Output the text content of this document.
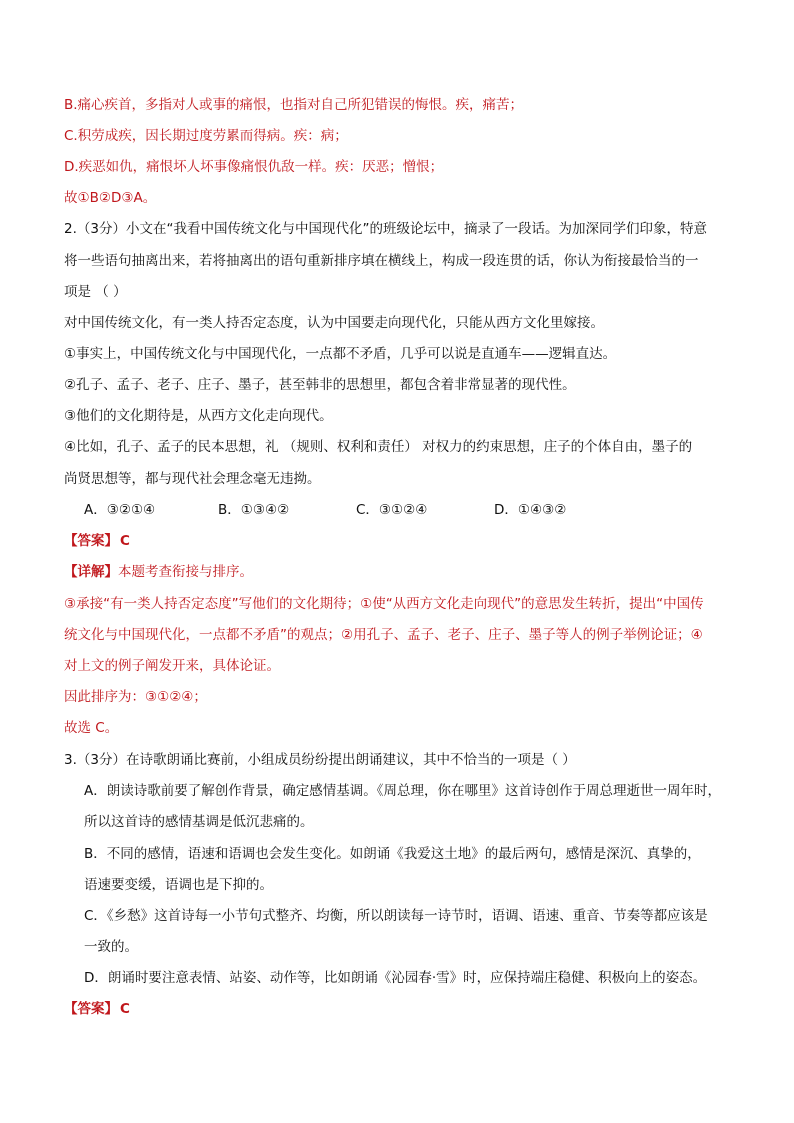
B.痛心疾首，多指对人或事的痛恨，也指对自己所犯错误的悔恨。疾，痛苦；
C.积劳成疾，因长期过度劳累而得病。疾：病；
D.疾恶如仇，痛恨坏人坏事像痛恨仇敌一样。疾：厌恶；憎恨；
故①B②D③A。
2.（3分）小文在“我看中国传统文化与中国现代化”的班级论坛中，摘录了一段话。为加深同学们印象，特意
将一些语句抽离出来，若将抽离出的语句重新排序填在横线上，构成一段连贯的话，你认为衔接最恰当的一
项是 （ ）
对中国传统文化，有一类人持否定态度，认为中国要走向现代化，只能从西方文化里嫁接。
①事实上，中国传统文化与中国现代化，一点都不矛盾，几乎可以说是直通车——逻辑直达。
②孔子、孟子、老子、庄子、墨子，甚至韩非的思想里，都包含着非常显著的现代性。
③他们的文化期待是，从西方文化走向现代。
④比如，孔子、孟子的民本思想，礼 （规则、权利和责任） 对权力的约束思想，庄子的个体自由，墨子的
尚贤思想等，都与现代社会理念毫无违拗。
A．③②①④	B．①③④②	C．③①②④	D．①④③②
【答案】 C
【详解】本题考查衔接与排序。
③承接“有一类人持否定态度”写他们的文化期待；①使“从西方文化走向现代”的意思发生转折，提出“中国传
统文化与中国现代化，一点都不矛盾”的观点；②用孔子、孟子、老子、庄子、墨子等人的例子举例论证；④
对上文的例子阐发开来，具体论证。
因此排序为：③①②④；
故选 C。
3.（3分）在诗歌朗诵比赛前，小组成员纷纷提出朗诵建议，其中不恰当的一项是（ ）
A．朗读诗歌前要了解创作背景，确定感情基调。《周总理，你在哪里》这首诗创作于周总理逝世一周年时，
所以这首诗的感情基调是低沉悲痛的。
B．不同的感情，语速和语调也会发生变化。如朗诵《我爱这土地》的最后两句，感情是深沉、真挚的，
语速要变缓，语调也是下抑的。
C．《乡愁》这首诗每一小节句式整齐、均衡，所以朗读每一诗节时，语调、语速、重音、节奏等都应该是
一致的。
D．朗诵时要注意表情、站姿、动作等，比如朗诵《沁园春·雪》时，应保持端庄稳健、积极向上的姿态。
【答案】 C
